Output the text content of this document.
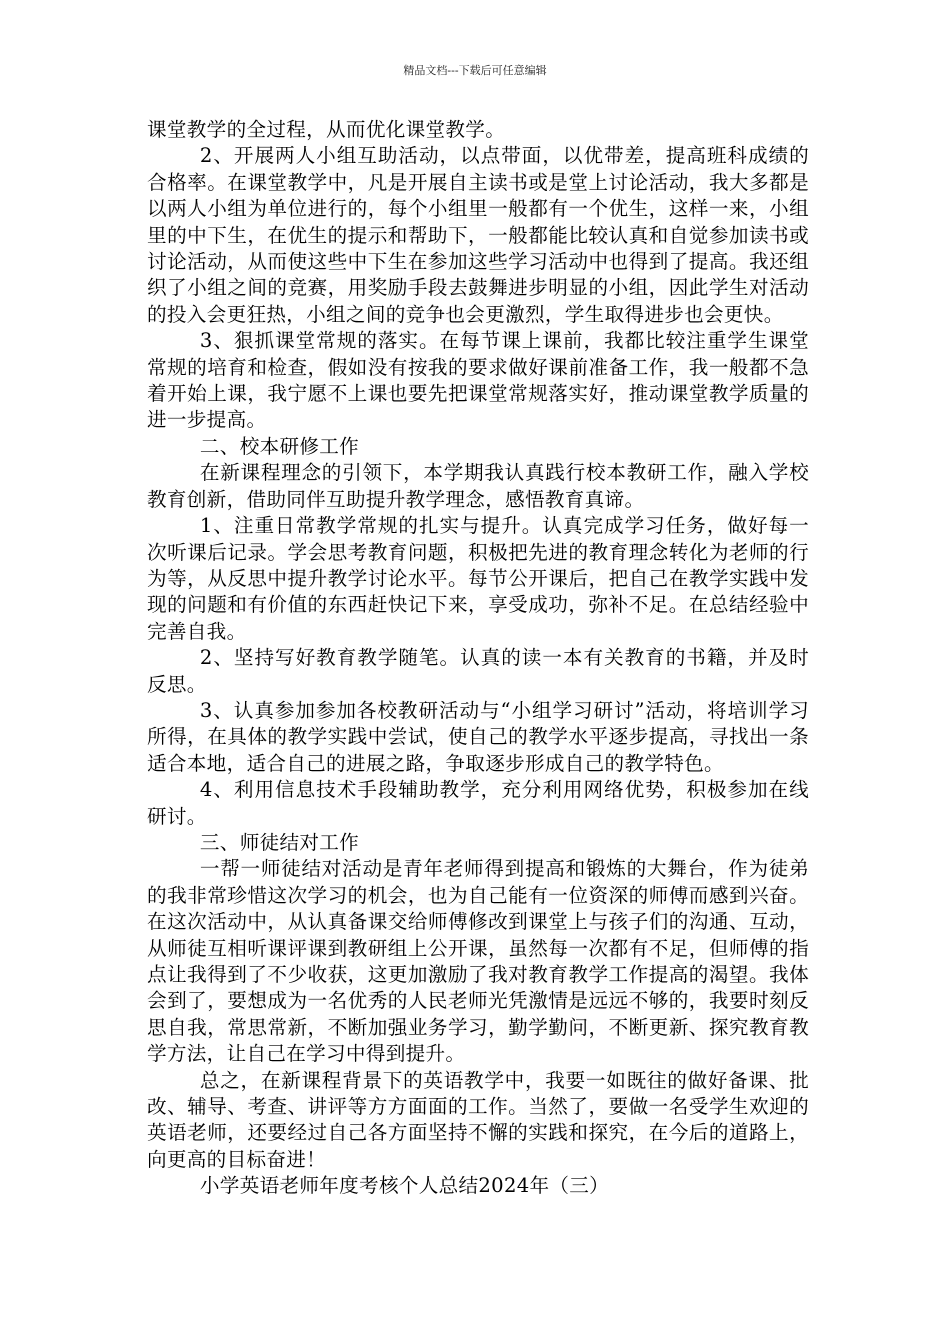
精品文档---下载后可任意编辑

课堂教学的全过程，从而优化课堂教学。

2、开展两人小组互助活动，以点带面，以优带差，提高班科成绩的合格率。在课堂教学中，凡是开展自主读书或是堂上讨论活动，我大多都是以两人小组为单位进行的，每个小组里一般都有一个优生，这样一来，小组里的中下生，在优生的提示和帮助下，一般都能比较认真和自觉参加读书或讨论活动，从而使这些中下生在参加这些学习活动中也得到了提高。我还组织了小组之间的竞赛，用奖励手段去鼓舞进步明显的小组，因此学生对活动的投入会更狂热，小组之间的竞争也会更激烈，学生取得进步也会更快。

3、狠抓课堂常规的落实。在每节课上课前，我都比较注重学生课堂常规的培育和检查，假如没有按我的要求做好课前准备工作，我一般都不急着开始上课，我宁愿不上课也要先把课堂常规落实好，推动课堂教学质量的进一步提高。

二、校本研修工作

在新课程理念的引领下，本学期我认真践行校本教研工作，融入学校教育创新，借助同伴互助提升教学理念，感悟教育真谛。

1、注重日常教学常规的扎实与提升。认真完成学习任务，做好每一次听课后记录。学会思考教育问题，积极把先进的教育理念转化为老师的行为等，从反思中提升教学讨论水平。每节公开课后，把自己在教学实践中发现的问题和有价值的东西赶快记下来，享受成功，弥补不足。在总结经验中完善自我。

2、坚持写好教育教学随笔。认真的读一本有关教育的书籍，并及时反思。

3、认真参加参加各校教研活动与“小组学习研讨”活动，将培训学习所得，在具体的教学实践中尝试，使自己的教学水平逐步提高，寻找出一条适合本地，适合自己的进展之路，争取逐步形成自己的教学特色。

4、利用信息技术手段辅助教学，充分利用网络优势，积极参加在线研讨。

三、师徒结对工作

一帮一师徒结对活动是青年老师得到提高和锻炼的大舞台，作为徒弟的我非常珍惜这次学习的机会，也为自己能有一位资深的师傅而感到兴奋。在这次活动中，从认真备课交给师傅修改到课堂上与孩子们的沟通、互动，从师徒互相听课评课到教研组上公开课，虽然每一次都有不足，但师傅的指点让我得到了不少收获，这更加激励了我对教育教学工作提高的渴望。我体会到了，要想成为一名优秀的人民老师光凭激情是远远不够的，我要时刻反思自我，常思常新，不断加强业务学习，勤学勤问，不断更新、探究教育教学方法，让自己在学习中得到提升。

总之，在新课程背景下的英语教学中，我要一如既往的做好备课、批改、辅导、考查、讲评等方方面面的工作。当然了，要做一名受学生欢迎的英语老师，还要经过自己各方面坚持不懈的实践和探究，在今后的道路上，向更高的目标奋进！

小学英语老师年度考核个人总结2024年（三）
